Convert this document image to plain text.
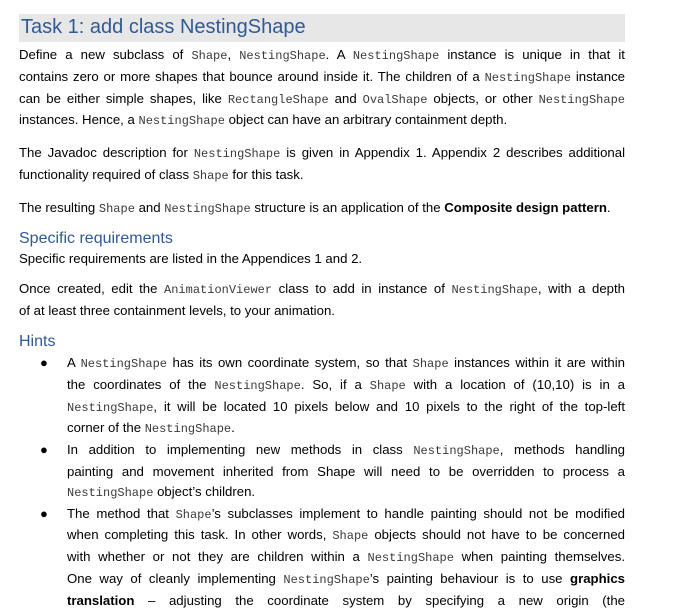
Task 1: add class NestingShape
Define a new subclass of Shape, NestingShape. A NestingShape instance is unique in that it
contains zero or more shapes that bounce around inside it. The children of a NestingShape instance
can be either simple shapes, like RectangleShape and OvalShape objects, or other NestingShape
instances. Hence, a NestingShape object can have an arbitrary containment depth.
The Javadoc description for NestingShape is given in Appendix 1. Appendix 2 describes additional
functionality required of class Shape for this task.
The resulting Shape and NestingShape structure is an application of the Composite design pattern.
Specific requirements
Specific requirements are listed in the Appendices 1 and 2.
Once created, edit the AnimationViewer class to add in instance of NestingShape, with a depth
of at least three containment levels, to your animation.
Hints
● A NestingShape has its own coordinate system, so that Shape instances within it are within
the coordinates of the NestingShape. So, if a Shape with a location of (10,10) is in a
NestingShape, it will be located 10 pixels below and 10 pixels to the right of the top-left
corner of the NestingShape.
● In addition to implementing new methods in class NestingShape, methods handling
painting and movement inherited from Shape will need to be overridden to process a
NestingShape object’s children.
● The method that Shape’s subclasses implement to handle painting should not be modified
when completing this task. In other words, Shape objects should not have to be concerned
with whether or not they are children within a NestingShape when painting themselves.
One way of cleanly implementing NestingShape’s painting behaviour is to use graphics
translation – adjusting the coordinate system by specifying a new origin (the
